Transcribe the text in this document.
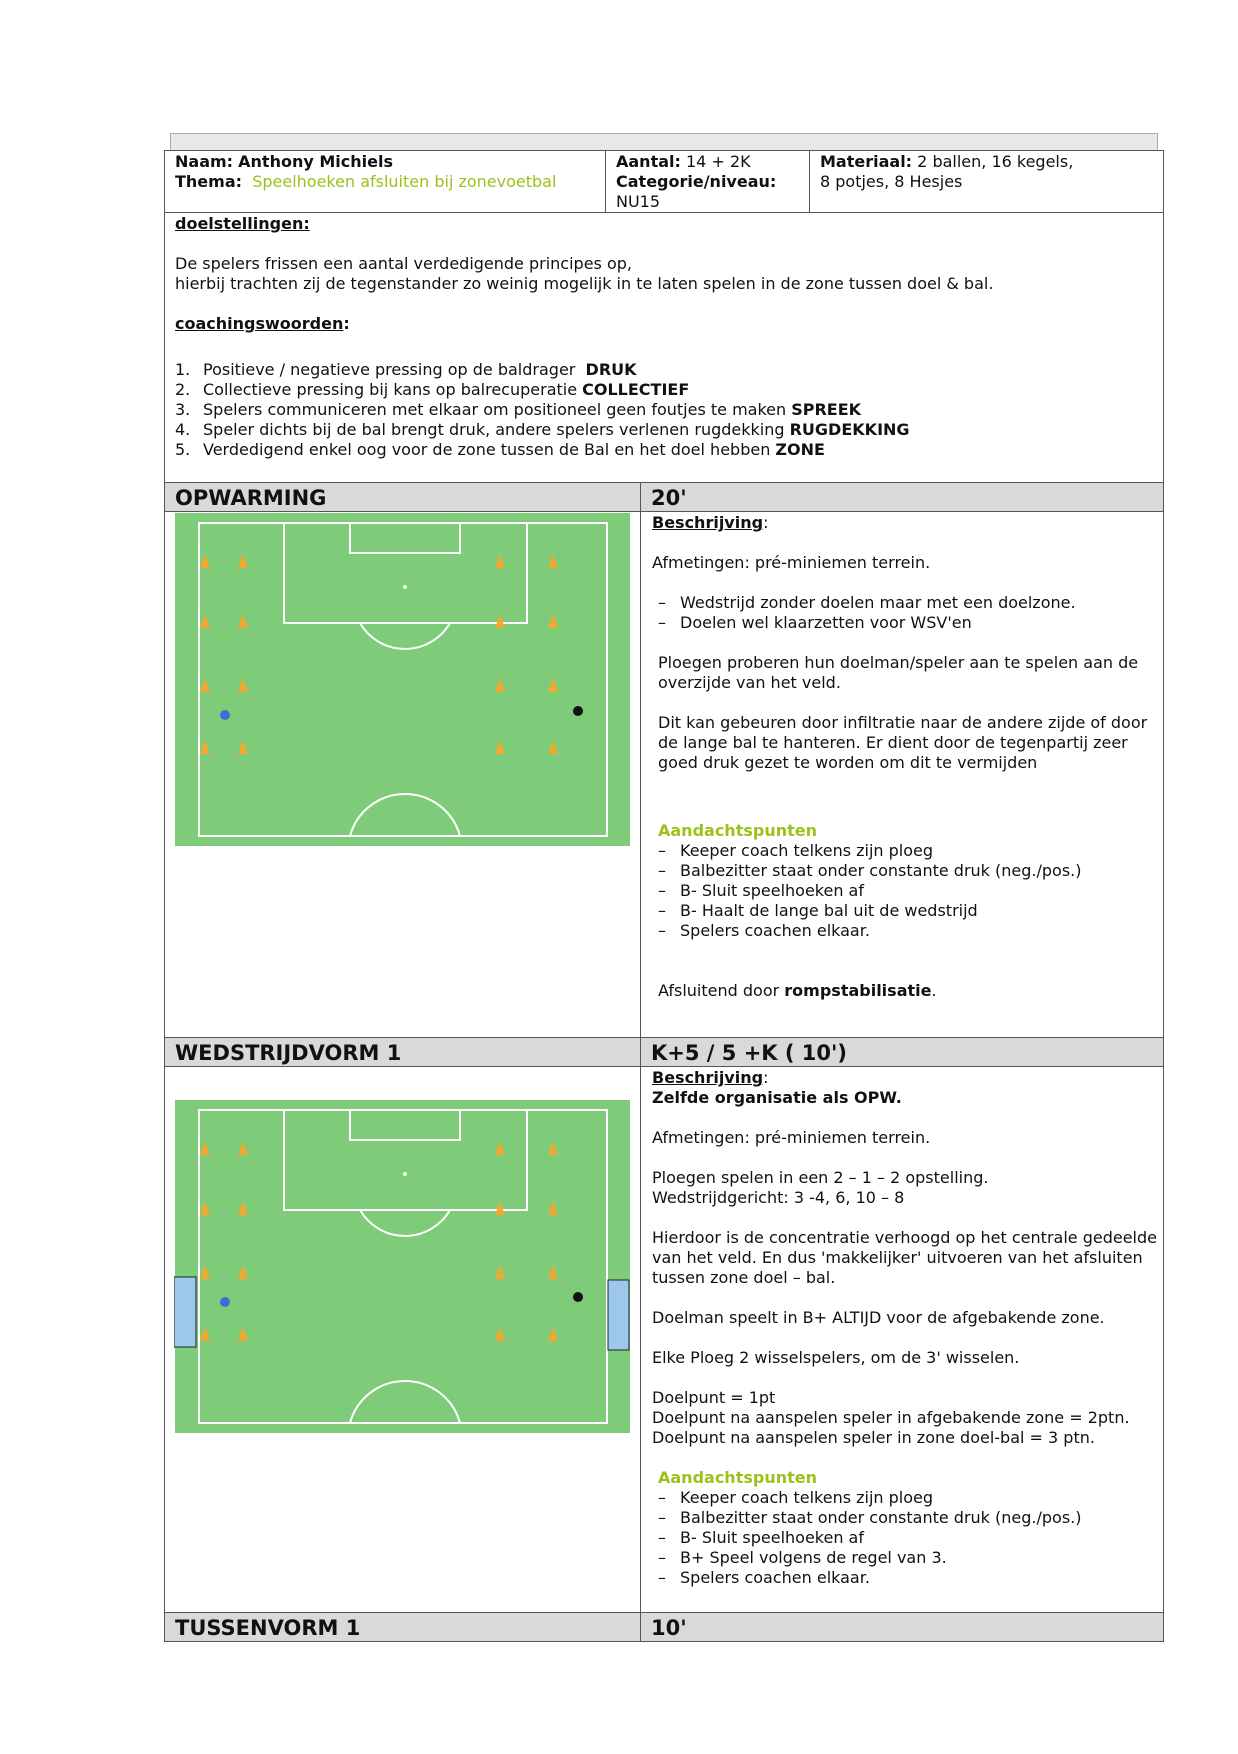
Naam: Anthony Michiels
Thema: Speelhoeken afsluiten bij zonevoetbal
Aantal: 14 + 2K
Categorie/niveau:
NU15
Materiaal: 2 ballen, 16 kegels,
8 potjes, 8 Hesjes
doelstellingen:
De spelers frissen een aantal verdedigende principes op,
hierbij trachten zij de tegenstander zo weinig mogelijk in te laten spelen in de zone tussen doel & bal.
coachingswoorden:
1. Positieve / negatieve pressing op de baldrager  DRUK
2. Collectieve pressing bij kans op balrecuperatie COLLECTIEF
3. Spelers communiceren met elkaar om positioneel geen foutjes te maken SPREEK
4. Speler dichts bij de bal brengt druk, andere spelers verlenen rugdekking RUGDEKKING
5. Verdedigend enkel oog voor de zone tussen de Bal en het doel hebben ZONE
OPWARMING	20'
Beschrijving:
Afmetingen: pré-miniemen terrein.
– Wedstrijd zonder doelen maar met een doelzone.
– Doelen wel klaarzetten voor WSV'en

Ploegen proberen hun doelman/speler aan te spelen aan de overzijde van het veld.

Dit kan gebeuren door infiltratie naar de andere zijde of door de lange bal te hanteren. Er dient door de tegenpartij zeer goed druk gezet te worden om dit te vermijden

Aandachtspunten
– Keeper coach telkens zijn ploeg
– Balbezitter staat onder constante druk (neg./pos.)
– B- Sluit speelhoeken af
– B- Haalt de lange bal uit de wedstrijd
– Spelers coachen elkaar.
Afsluitend door rompstabilisatie.
WEDSTRIJDVORM 1	K+5 / 5 +K ( 10')
Beschrijving:
Zelfde organisatie als OPW.
Afmetingen: pré-miniemen terrein.
Ploegen spelen in een 2 – 1 – 2 opstelling.
Wedstrijdgericht: 3 -4, 6, 10 – 8

Hierdoor is de concentratie verhoogd op het centrale gedeelde van het veld. En dus 'makkelijker' uitvoeren van het afsluiten tussen zone doel – bal.

Doelman speelt in B+ ALTIJD voor de afgebakende zone.
Elke Ploeg 2 wisselspelers, om de 3' wisselen.
Doelpunt = 1pt
Doelpunt na aanspelen speler in afgebakende zone = 2ptn.
Doelpunt na aanspelen speler in zone doel-bal = 3 ptn.
Aandachtspunten
– Keeper coach telkens zijn ploeg
– Balbezitter staat onder constante druk (neg./pos.)
– B- Sluit speelhoeken af
– B+ Speel volgens de regel van 3.
– Spelers coachen elkaar.
TUSSENVORM 1	10'
